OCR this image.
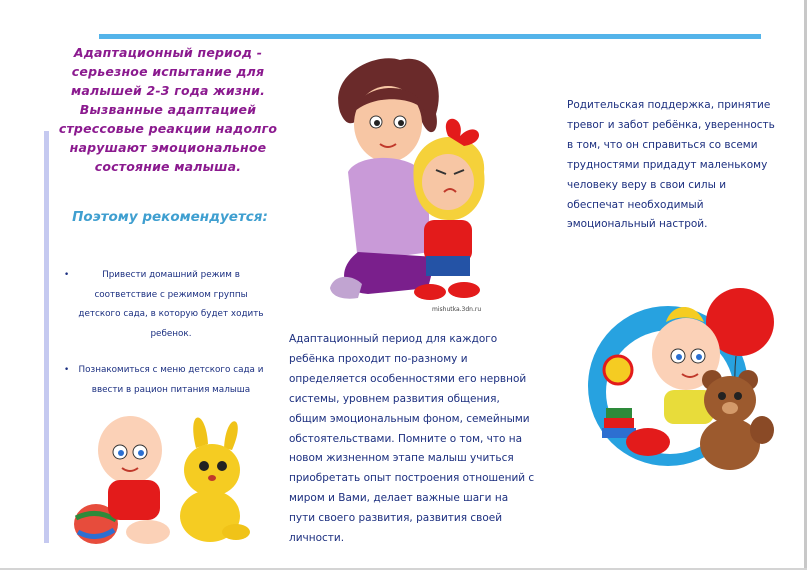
Адаптационный период - серьезное испытание для малышей 2-3 года жизни. Вызванные адаптацией стрессовые реакции надолго нарушают эмоциональное состояние малыша.
Поэтому рекомендуется:
•	Привести домашний режим в соответствие с режимом группы детского сада, в которую будет ходить ребенок.
• Познакомиться с меню детского сада и ввести в рацион питания малыша
mishutka.3dn.ru
Адаптационный период для каждого ребёнка проходит по-разному и определяется особенностями его нервной системы, уровнем развития общения, общим эмоциональным фоном, семейными обстоятельствами. Помните о том, что на новом жизненном этапе малыш учиться приобретать опыт построения отношений с миром и Вами, делает важные шаги на пути своего развития, развития своей личности.
Родительская поддержка, принятие тревог и забот ребёнка, уверенность в том, что он справиться со всеми трудностями придадут маленькому человеку веру в свои силы и обеспечат необходимый эмоциональный настрой.
